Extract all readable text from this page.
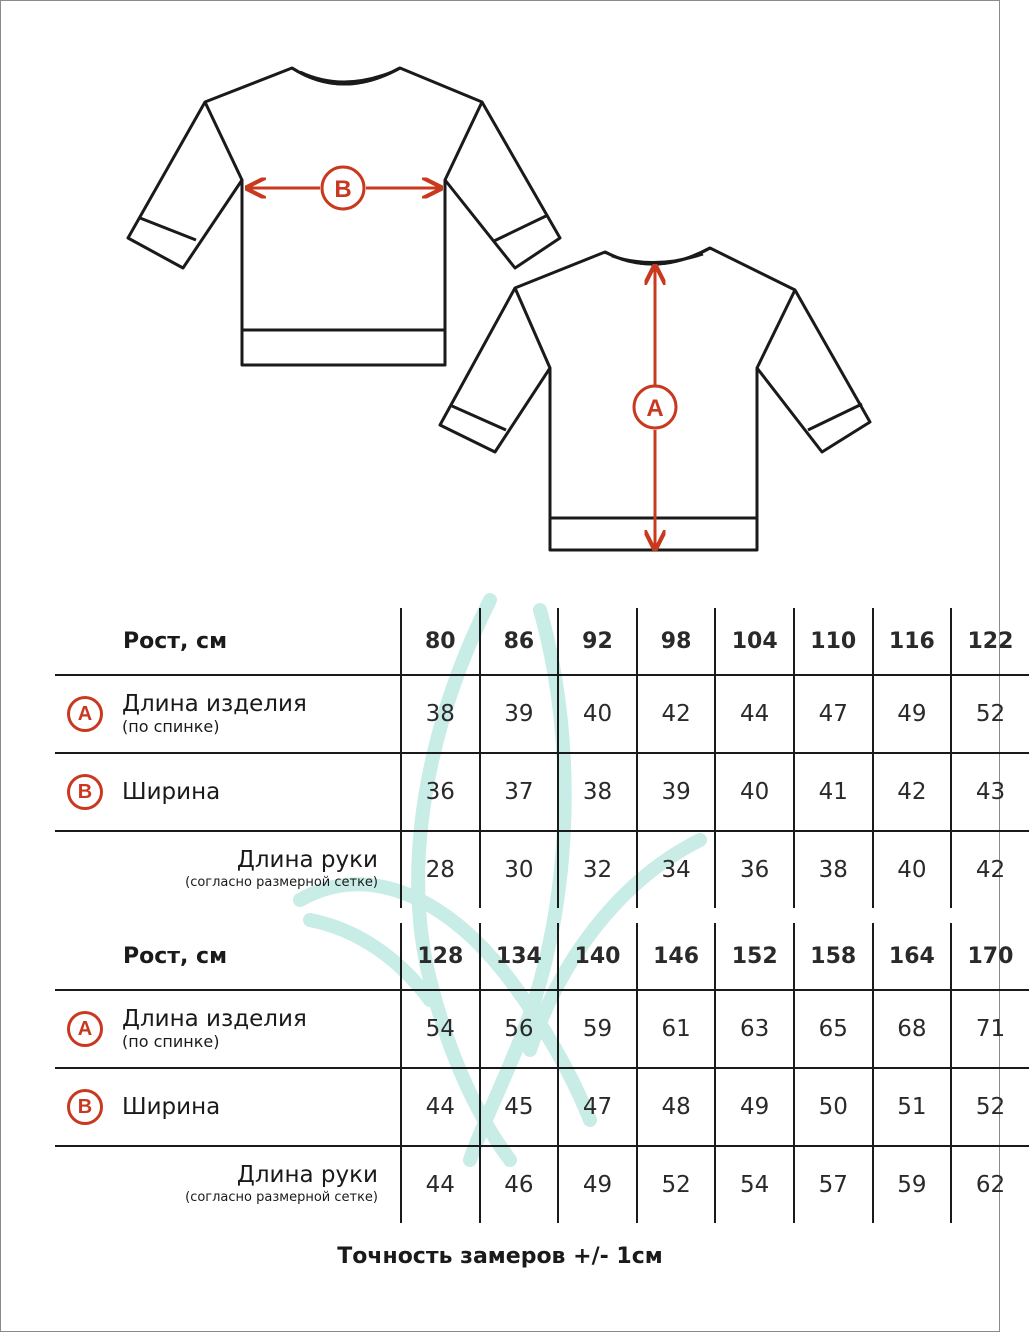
B
A
Рост, см	80	86	92	98	104	110	116	122

A Длина изделия
(по спинке)	38	39	40	42	44	47	49	52

B Ширина	36	37	38	39	40	41	42	43

Длина руки
(согласно размерной сетке)	28	30	32	34	36	38	40	42
Рост, см	128	134	140	146	152	158	164	170

A Длина изделия
(по спинке)	54	56	59	61	63	65	68	71

B Ширина	44	45	47	48	49	50	51	52

Длина руки
(согласно размерной сетке)	44	46	49	52	54	57	59	62
Точность замеров +/- 1см
